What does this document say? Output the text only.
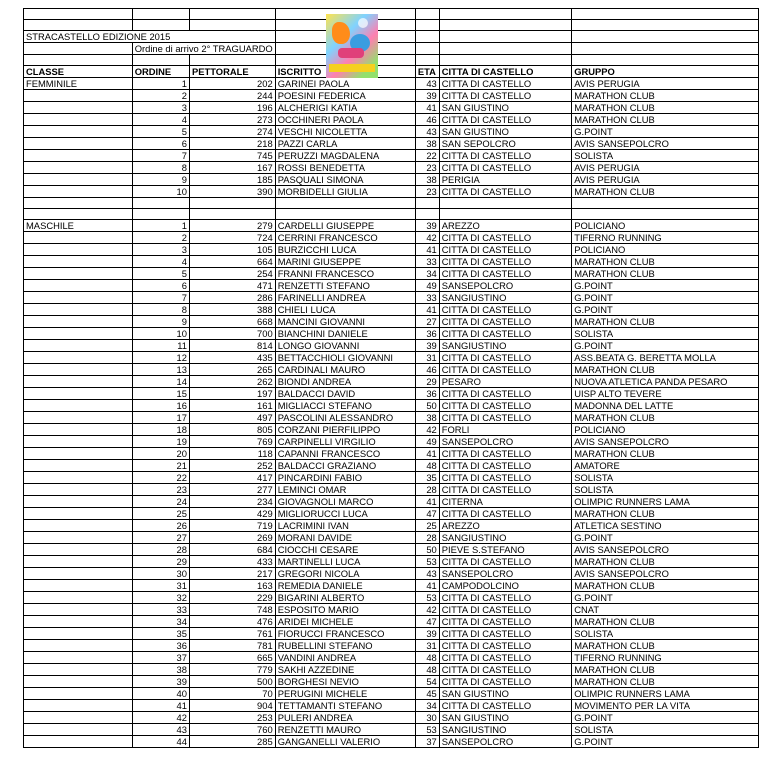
STRACASTELLO EDIZIONE 2015						
	Ordine di arrivo 2° TRAGUARDO					

CLASSE	ORDINE	PETTORALE	ISCRITTO	ETA	CITTA DI CASTELLO	GRUPPO
FEMMINILE	1	202	GARINEI PAOLA	43	CITTA DI CASTELLO	AVIS PERUGIA
	2	244	POESINI FEDERICA	39	CITTA DI CASTELLO	MARATHON CLUB
	3	196	ALCHERIGI KATIA	41	SAN GIUSTINO	MARATHON CLUB
	4	273	OCCHINERI PAOLA	46	CITTA DI CASTELLO	MARATHON CLUB
	5	274	VESCHI NICOLETTA	43	SAN GIUSTINO	G.POINT
	6	218	PAZZI CARLA	38	SAN SEPOLCRO	AVIS SANSEPOLCRO
	7	745	PERUZZI MAGDALENA	22	CITTA DI CASTELLO	SOLISTA
	8	167	ROSSI BENEDETTA	23	CITTA DI CASTELLO	AVIS PERUGIA
	9	185	PASQUALI SIMONA	38	PERIGIA	AVIS PERUGIA
	10	390	MORBIDELLI GIULIA	23	CITTA DI CASTELLO	MARATHON CLUB

MASCHILE	1	279	CARDELLI GIUSEPPE	39	AREZZO	POLICIANO
	2	724	CERRINI FRANCESCO	42	CITTA DI CASTELLO	TIFERNO RUNNING
	3	105	BURZICCHI LUCA	41	CITTA DI CASTELLO	POLICIANO
	4	664	MARINI GIUSEPPE	33	CITTA DI CASTELLO	MARATHON CLUB
	5	254	FRANNI FRANCESCO	34	CITTA DI CASTELLO	MARATHON CLUB
	6	471	RENZETTI STEFANO	49	SANSEPOLCRO	G.POINT
	7	286	FARINELLI ANDREA	33	SANGIUSTINO	G.POINT
	8	388	CHIELI LUCA	41	CITTA DI CASTELLO	G.POINT
	9	668	MANCINI GIOVANNI	27	CITTA DI CASTELLO	MARATHON CLUB
	10	700	BIANCHINI DANIELE	36	CITTA DI CASTELLO	SOLISTA
	11	814	LONGO GIOVANNI	39	SANGIUSTINO	G.POINT
	12	435	BETTACCHIOLI GIOVANNI	31	CITTA DI CASTELLO	ASS.BEATA G. BERETTA MOLLA
	13	265	CARDINALI MAURO	46	CITTA DI CASTELLO	MARATHON CLUB
	14	262	BIONDI ANDREA	29	PESARO	NUOVA ATLETICA PANDA PESARO
	15	197	BALDACCI DAVID	36	CITTA DI CASTELLO	UISP ALTO TEVERE
	16	161	MIGLIACCI STEFANO	50	CITTA DI CASTELLO	MADONNA DEL LATTE
	17	497	PASCOLINI ALESSANDRO	38	CITTA DI CASTELLO	MARATHON CLUB
	18	805	CORZANI PIERFILIPPO	42	FORLI	POLICIANO
	19	769	CARPINELLI VIRGILIO	49	SANSEPOLCRO	AVIS SANSEPOLCRO
	20	118	CAPANNI FRANCESCO	41	CITTA DI CASTELLO	MARATHON CLUB
	21	252	BALDACCI GRAZIANO	48	CITTA DI CASTELLO	AMATORE
	22	417	PINCARDINI FABIO	35	CITTA DI CASTELLO	SOLISTA
	23	277	LEMINCI OMAR	28	CITTA DI CASTELLO	SOLISTA
	24	234	GIOVAGNOLI MARCO	41	CITERNA	OLIMPIC RUNNERS LAMA
	25	429	MIGLIORUCCI LUCA	47	CITTA DI CASTELLO	MARATHON CLUB
	26	719	LACRIMINI IVAN	25	AREZZO	ATLETICA SESTINO
	27	269	MORANI DAVIDE	28	SANGIUSTINO	G.POINT
	28	684	CIOCCHI CESARE	50	PIEVE S.STEFANO	AVIS SANSEPOLCRO
	29	433	MARTINELLI LUCA	53	CITTA DI CASTELLO	MARATHON CLUB
	30	217	GREGORI NICOLA	43	SANSEPOLCRO	AVIS SANSEPOLCRO
	31	163	REMEDIA DANIELE	41	CAMPODOLCINO	MARATHON CLUB
	32	229	BIGARINI ALBERTO	53	CITTA DI CASTELLO	G.POINT
	33	748	ESPOSITO MARIO	42	CITTA DI CASTELLO	CNAT
	34	476	ARIDEI MICHELE	47	CITTA DI CASTELLO	MARATHON CLUB
	35	761	FIORUCCI FRANCESCO	39	CITTA DI CASTELLO	SOLISTA
	36	781	RUBELLINI STEFANO	31	CITTA DI CASTELLO	MARATHON CLUB
	37	665	VANDINI ANDREA	48	CITTA DI CASTELLO	TIFERNO RUNNING
	38	779	SAKHI AZZEDINE	48	CITTA DI CASTELLO	MARATHON CLUB
	39	500	BORGHESI NEVIO	54	CITTA DI CASTELLO	MARATHON CLUB
	40	70	PERUGINI MICHELE	45	SAN GIUSTINO	OLIMPIC RUNNERS LAMA
	41	904	TETTAMANTI STEFANO	34	CITTA DI CASTELLO	MOVIMENTO PER LA VITA
	42	253	PULERI ANDREA	30	SAN GIUSTINO	G.POINT
	43	760	RENZETTI MAURO	53	SANGIUSTINO	SOLISTA
	44	285	GANGANELLI VALERIO	37	SANSEPOLCRO	G.POINT
